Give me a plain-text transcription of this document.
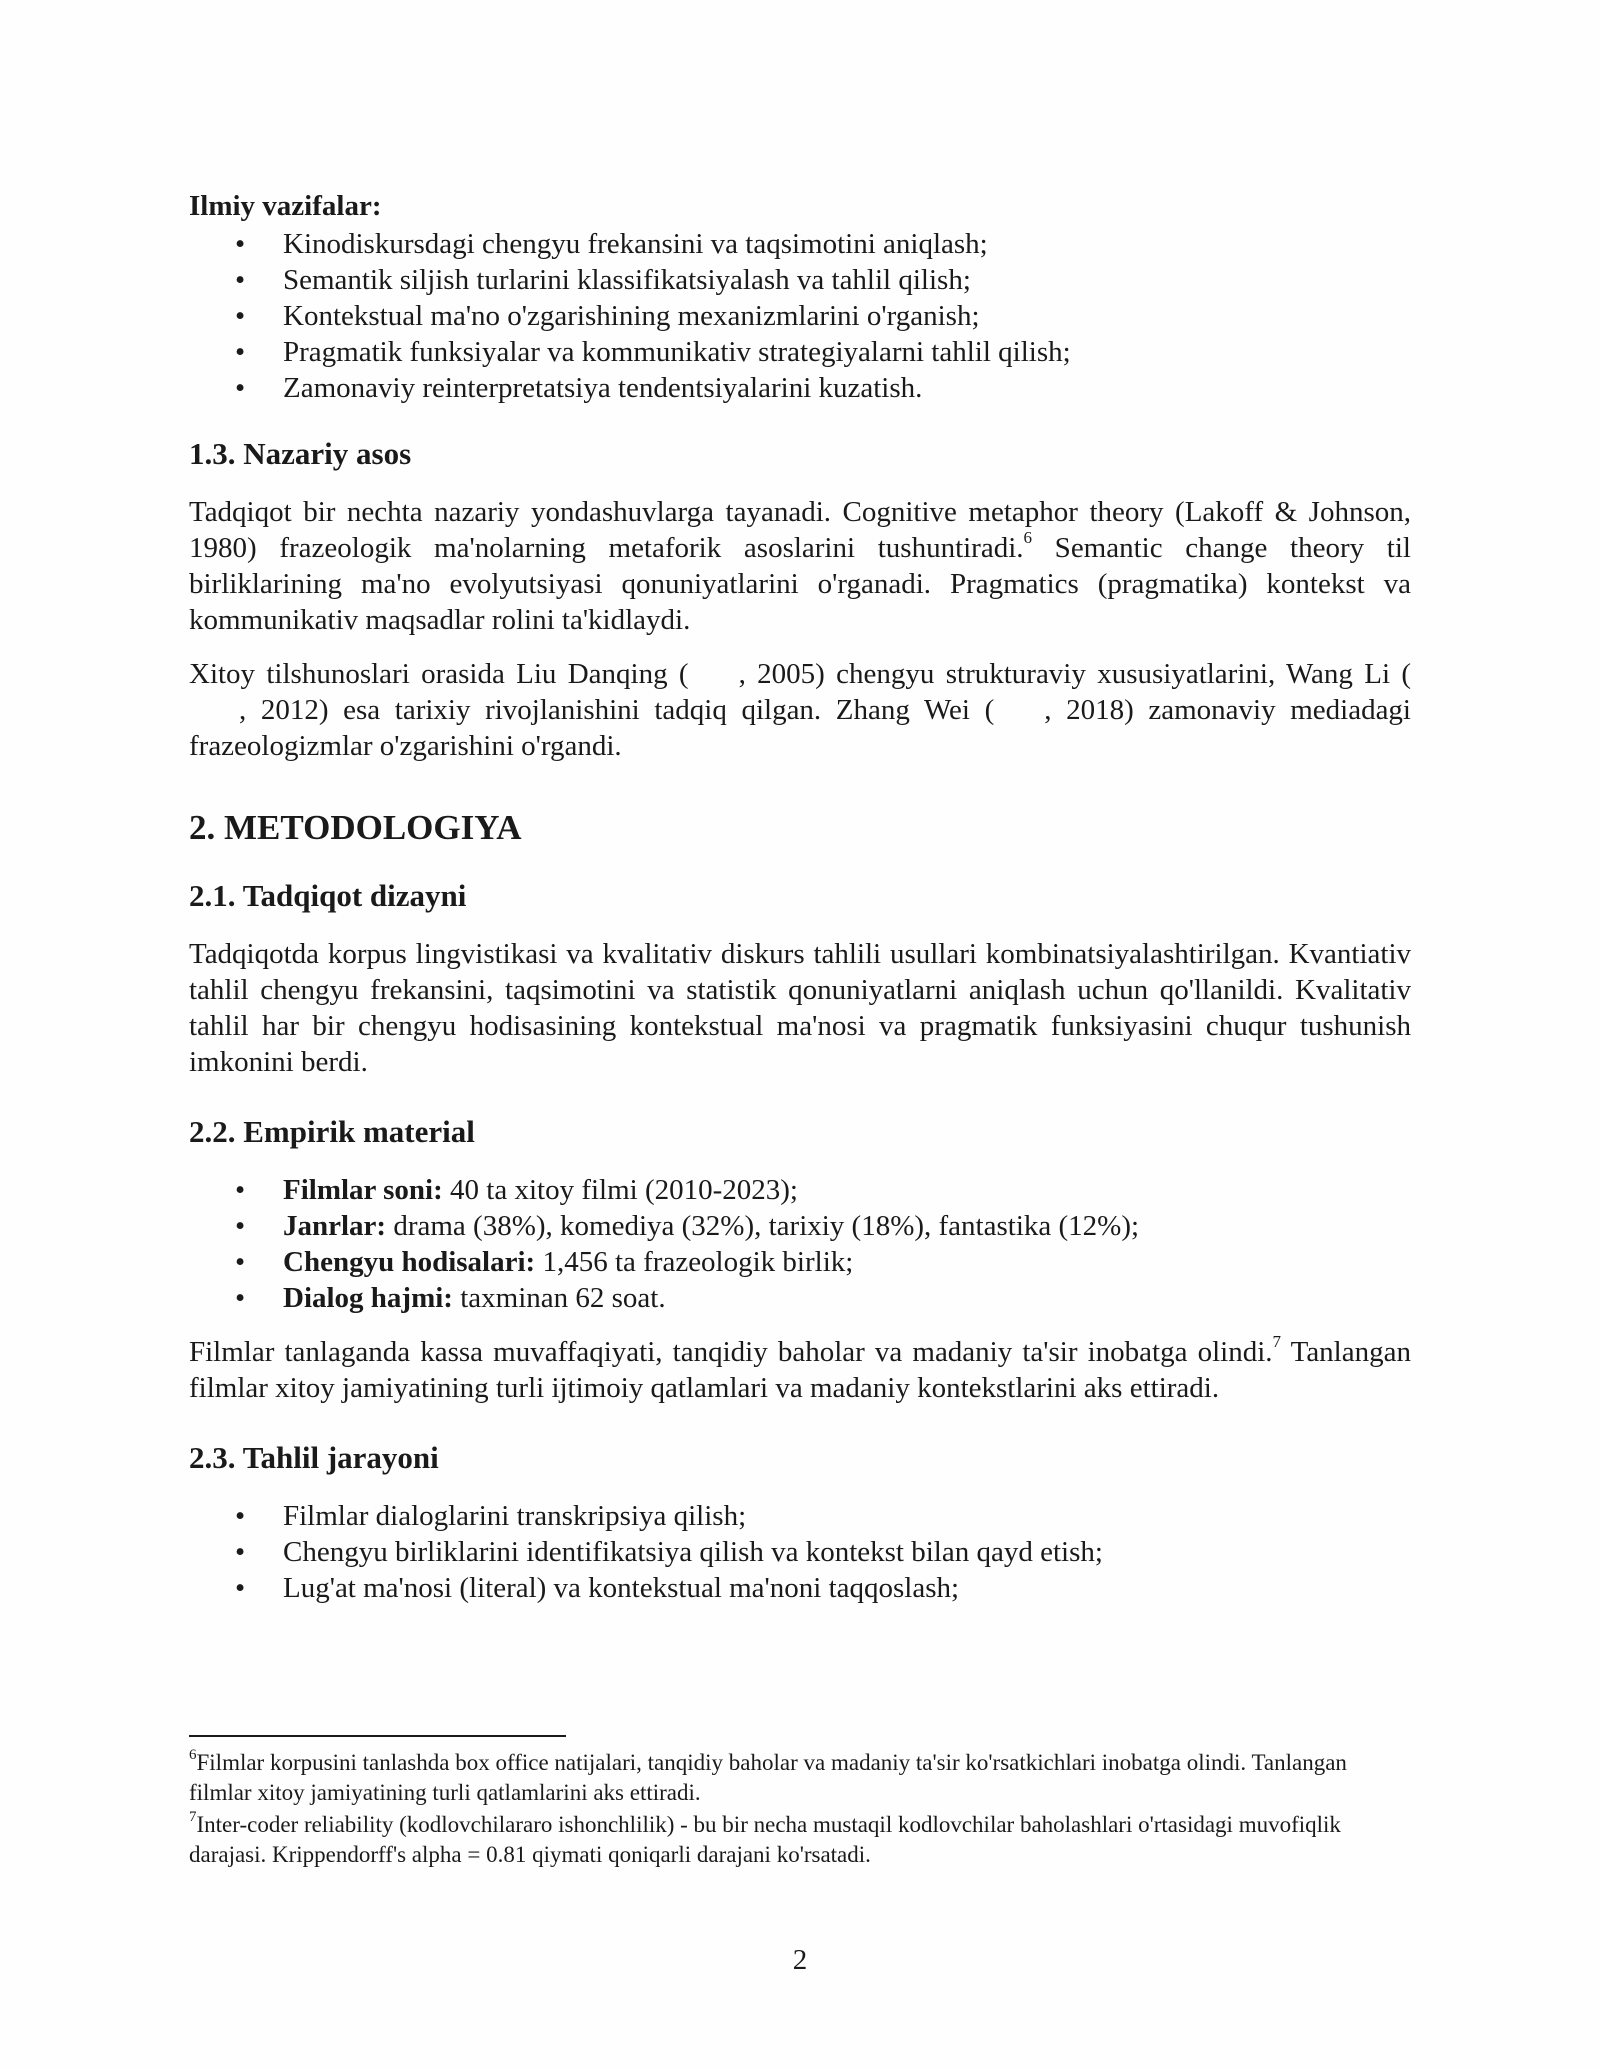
Ilmiy vazifalar:

• Kinodiskursdagi chengyu frekansini va taqsimotini aniqlash;
• Semantik siljish turlarini klassifikatsiyalash va tahlil qilish;
• Kontekstual ma'no o'zgarishining mexanizmlarini o'rganish;
• Pragmatik funksiyalar va kommunikativ strategiyalarni tahlil qilish;
• Zamonaviy reinterpretatsiya tendentsiyalarini kuzatish.
1.3. Nazariy asos

Tadqiqot bir nechta nazariy yondashuvlarga tayanadi. Cognitive metaphor theory (Lakoff & Johnson, 1980) frazeologik ma'nolarning metaforik asoslarini tushuntiradi.$^6$ Semantic change theory til birliklarining ma'no evolyutsiyasi qonuniyatlarini o'rganadi. Pragmatics (pragmatika) kontekst va kommunikativ maqsadlar rolini ta'kidlaydi.

Xitoy tilshunoslari orasida Liu Danqing ( , 2005) chengyu strukturaviy xususiyatlarini, Wang Li (, 2012) esa tarixiy rivojlanishini tadqiq qilgan. Zhang Wei ( , 2018) zamonaviy mediadagi frazeologizmlar o'zgarishini o'rgandi.

2. METODOLOGIYA
2.1. Tadqiqot dizayni

Tadqiqotda korpus lingvistikasi va kvalitativ diskurs tahlili usullari kombinatsiyalashtirilgan. Kvantiativ tahlil chengyu frekansini, taqsimotini va statistik qonuniyatlarni aniqlash uchun qo'llanildi. Kvalitativ tahlil har bir chengyu hodisasining kontekstual ma'nosi va pragmatik funksiyasini chuqur tushunish imkonini berdi.

2.2. Empirik material
• Filmlar soni: 40 ta xitoy filmi (2010-2023);
• Janrlar: drama (38%), komediya (32%), tarixiy (18%), fantastika (12%);
• Chengyu hodisalari: 1,456 ta frazeologik birlik;
• Dialog hajmi: taxminan 62 soat.

Filmlar tanlaganda kassa muvaffaqiyati, tanqidiy baholar va madaniy ta'sir inobatga olindi.$^7$ Tanlangan filmlar xitoy jamiyatining turli ijtimoiy qatlamlari va madaniy kontekstlarini aks ettiradi.

2.3. Tahlil jarayoni
• Filmlar dialoglarini transkripsiya qilish;
• Chengyu birliklarini identifikatsiya qilish va kontekst bilan qayd etish;
• Lug'at ma'nosi (literal) va kontekstual ma'noni taqqoslash;

$^6$Filmlar korpusini tanlashda box office natijalari, tanqidiy baholar va madaniy ta'sir ko'rsatkichlari inobatga olindi. Tanlangan filmlar xitoy jamiyatining turli qatlamlarini aks ettiradi.

$^7$Inter-coder reliability (kodlovchilararo ishonchlilik) - bu bir necha mustaqil kodlovchilar baholashlari o'rtasidagi muvofiqlik darajasi. Krippendorff's alpha = 0.81 qiymati qoniqarli darajani ko'rsatadi.

2
